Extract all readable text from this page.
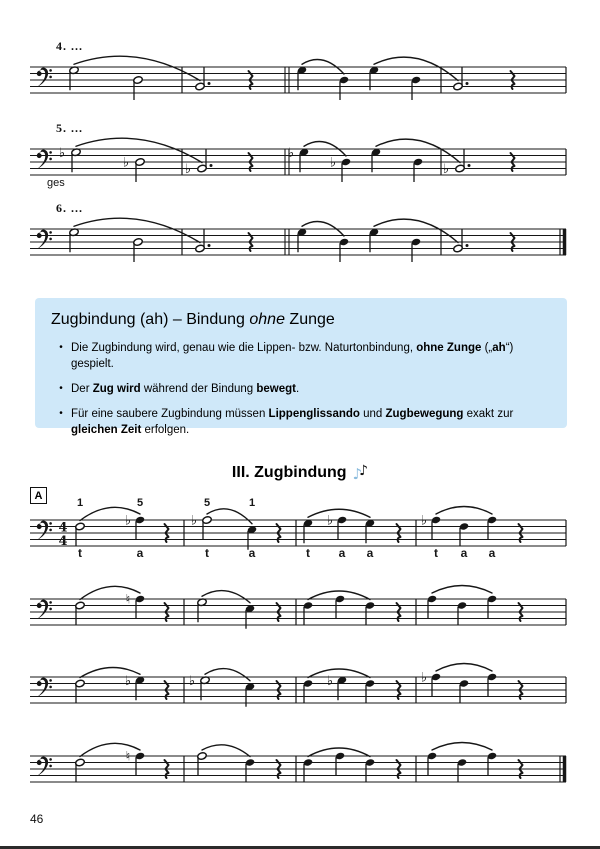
4. ...
5. ...
6. ...
ges
Zugbindung (ah) – Bindung ohne Zunge
• Die Zugbindung wird, genau wie die Lippen- bzw. Naturtonbindung, ohne Zunge („ah“) gespielt.
• Der Zug wird während der Bindung bewegt.
• Für eine saubere Zugbindung müssen Lippenglissando und Zugbewegung exakt zur gleichen Zeit erfolgen.
III. Zugbindung♪ ♪
A
♭
♭	♭
♭
♭	♭
4
4
♭	♭	♭	♭
1	5	5	1
t	a	t	a	t a a	t a a
♮
♭	♭	♭	♭
♮
46
